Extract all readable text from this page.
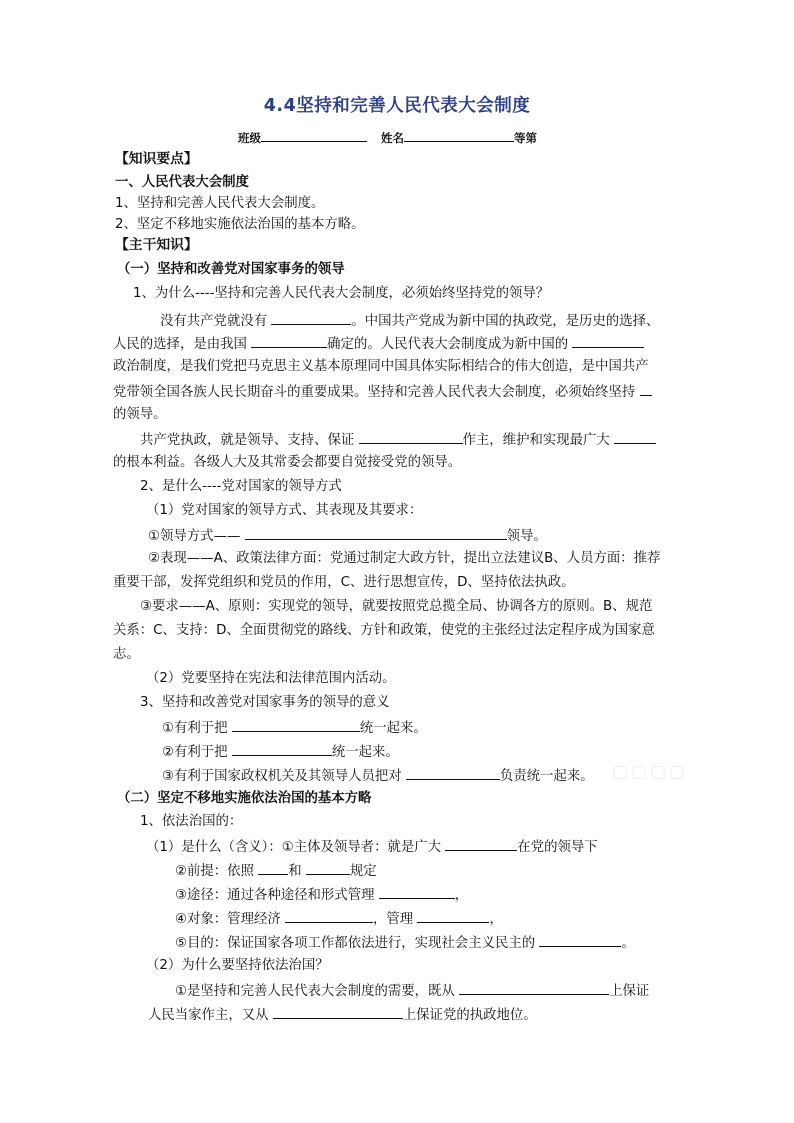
4.4坚持和完善人民代表大会制度
班级	姓名	等第
【知识要点】
一、人民代表大会制度
1、坚持和完善人民代表大会制度。
2、坚定不移地实施依法治国的基本方略。
【主干知识】
（一）坚持和改善党对国家事务的领导
1、为什么----坚持和完善人民代表大会制度，必须始终坚持党的领导？
没有共产党就没有	。中国共产党成为新中国的执政党，是历史的选择、
人民的选择，是由我国	确定的。人民代表大会制度成为新中国的
政治制度，是我们党把马克思主义基本原理同中国具体实际相结合的伟大创造，是中国共产
党带领全国各族人民长期奋斗的重要成果。坚持和完善人民代表大会制度，必须始终坚持
的领导。
共产党执政，就是领导、支持、保证	作主，维护和实现最广大
的根本利益。各级人大及其常委会都要自觉接受党的领导。
2、是什么----党对国家的领导方式
（1）党对国家的领导方式、其表现及其要求：
①领导方式——	领导。
②表现——A、政策法律方面：党通过制定大政方针，提出立法建议B、人员方面：推荐
重要干部，发挥党组织和党员的作用，C、进行思想宣传，D、坚持依法执政。
③要求——A、原则：实现党的领导，就要按照党总揽全局、协调各方的原则。B、规范
关系：C、支持：D、全面贯彻党的路线、方针和政策，使党的主张经过法定程序成为国家意
志。
（2）党要坚持在宪法和法律范围内活动。
3、坚持和改善党对国家事务的领导的意义
①有利于把	统一起来。
②有利于把	统一起来。
③有利于国家政权机关及其领导人员把对	负责统一起来。
（二）坚定不移地实施依法治国的基本方略
1、依法治国的：
（1）是什么（含义）：①主体及领导者：就是广大	在党的领导下
②前提：依照	和	规定
③途径：通过各种途径和形式管理	，
④对象：管理经济	，管理	，
⑤目的：保证国家各项工作都依法进行，实现社会主义民主的	。
（2）为什么要坚持依法治国？
①是坚持和完善人民代表大会制度的需要，既从	上保证
人民当家作主，又从	上保证党的执政地位。
▢▢▢▢
